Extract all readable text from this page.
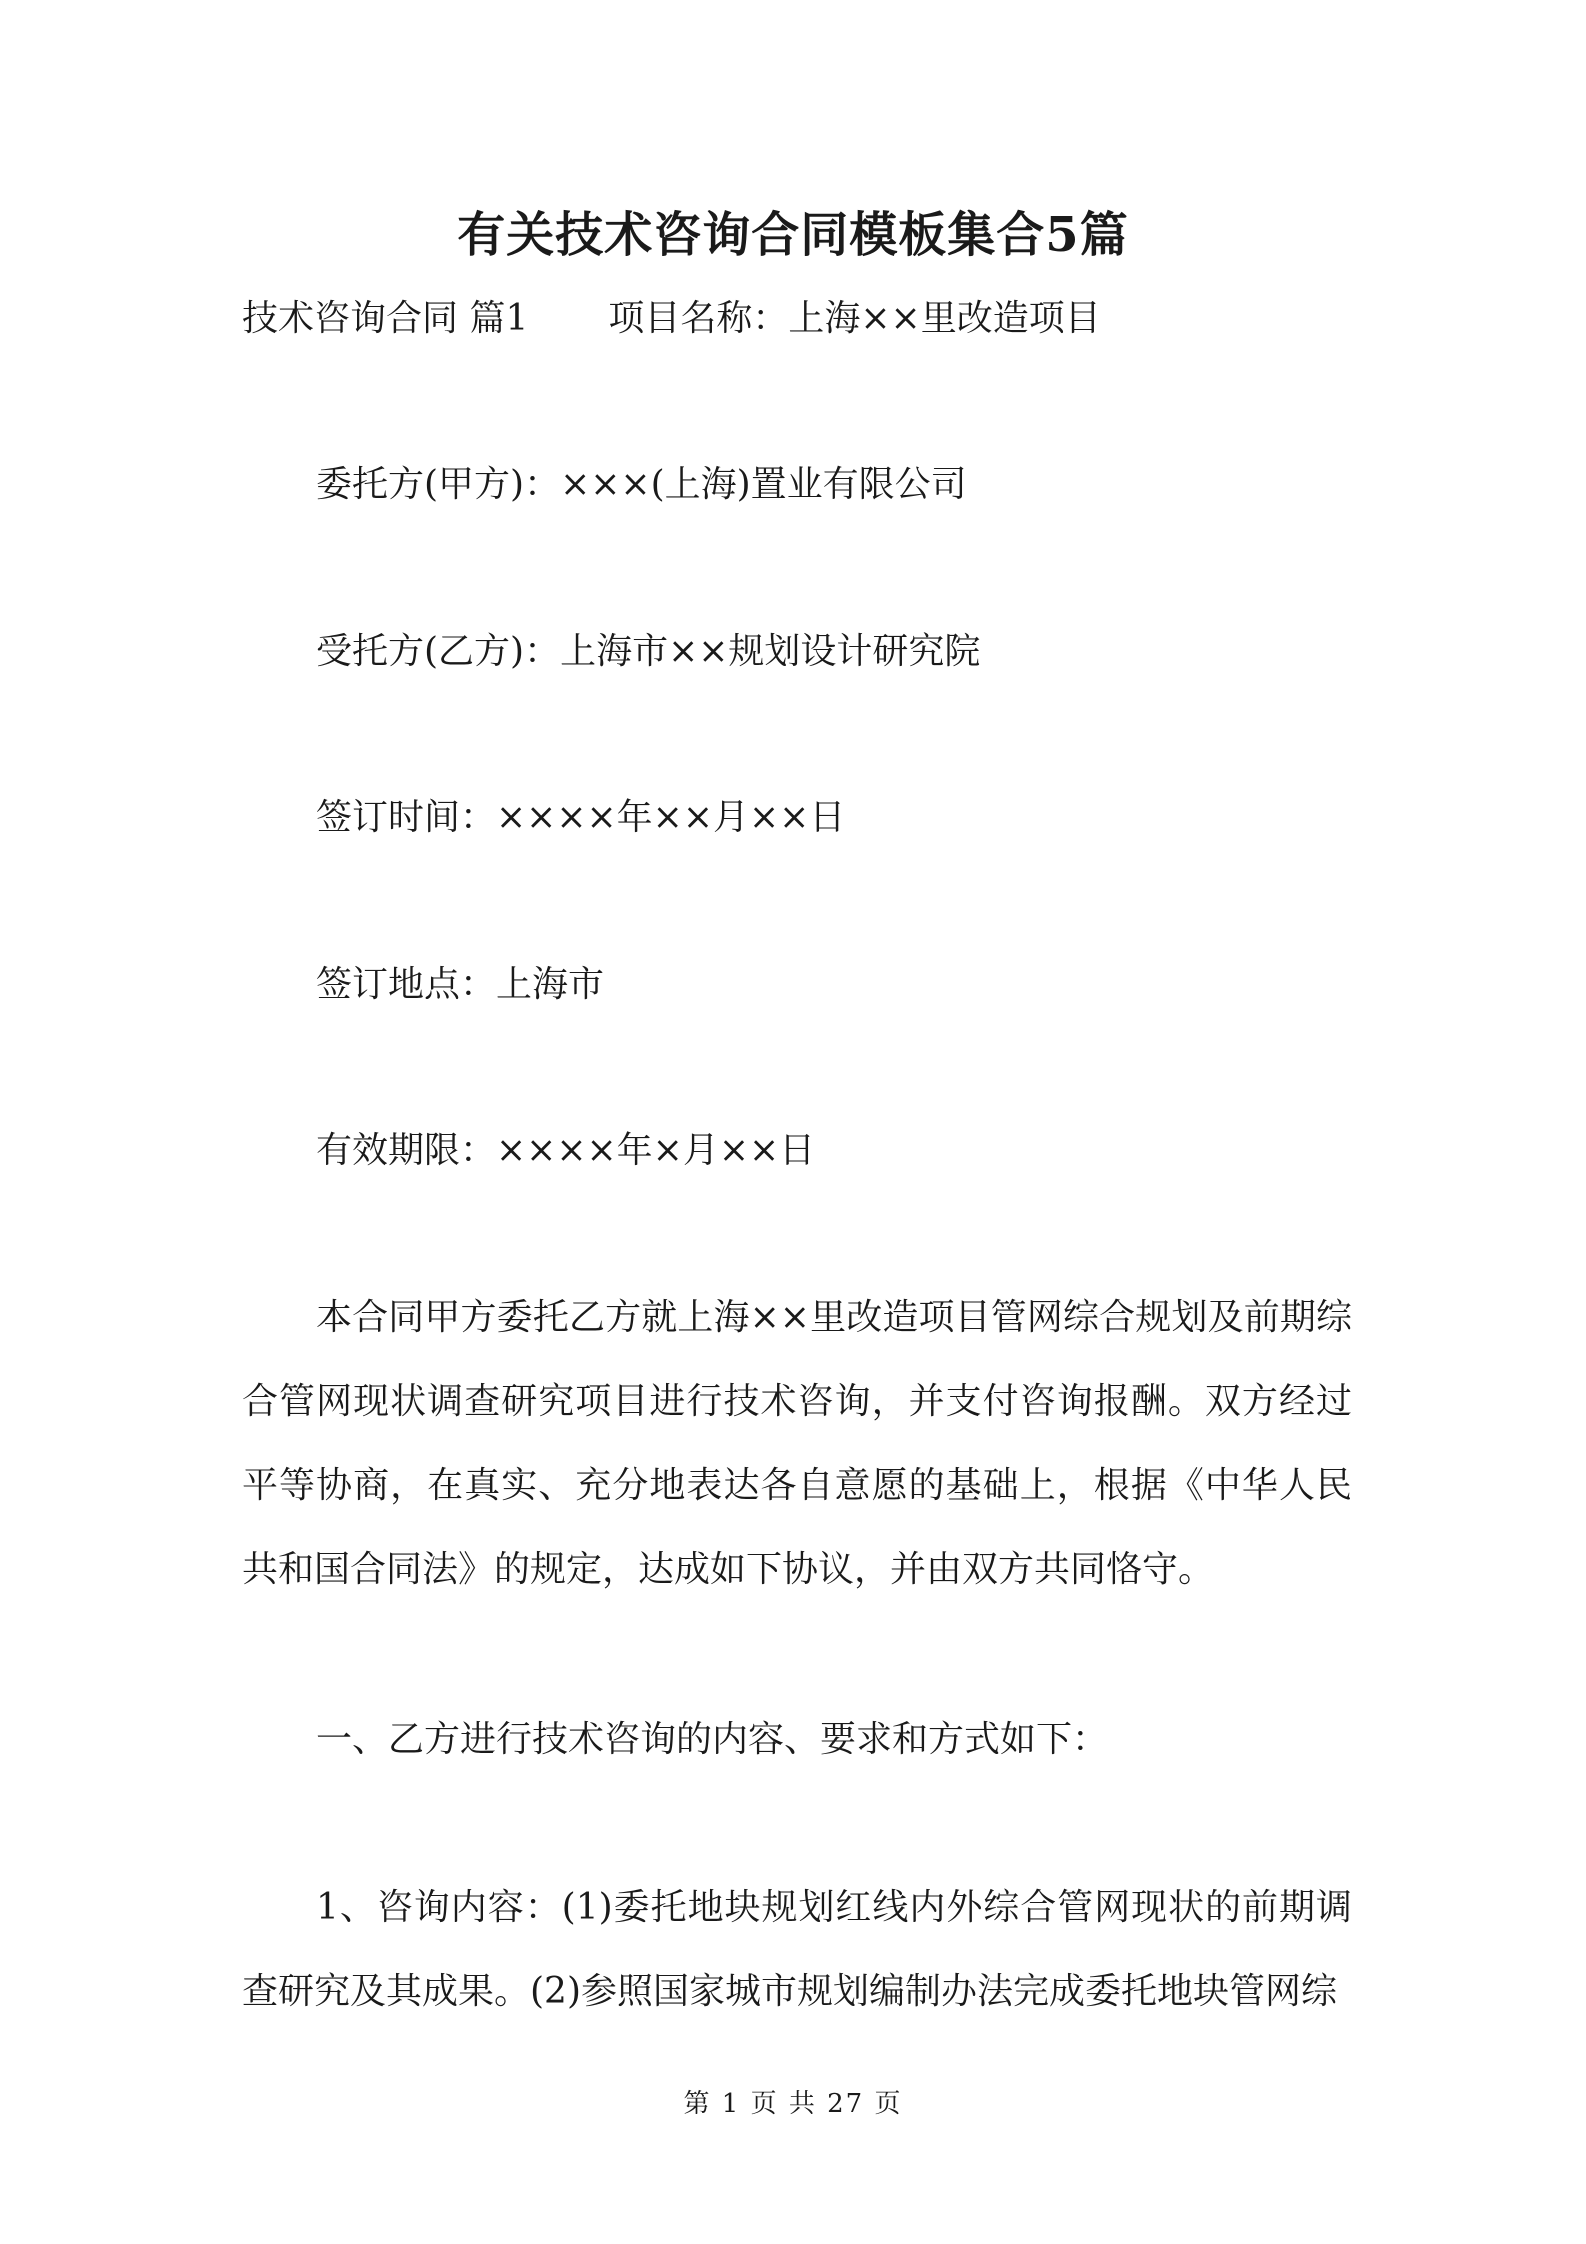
有关技术咨询合同模板集合5篇

技术咨询合同 篇1 项目名称：上海××里改造项目

委托方(甲方)：×××(上海)置业有限公司

受托方(乙方)：上海市××规划设计研究院

签订时间：××××年××月××日

签订地点：上海市

有效期限：××××年×月××日

本合同甲方委托乙方就上海××里改造项目管网综合规划及前期综合管网现状调查研究项目进行技术咨询，并支付咨询报酬。双方经过平等协商，在真实、充分地表达各自意愿的基础上，根据《中华人民共和国合同法》的规定，达成如下协议，并由双方共同恪守。

一、乙方进行技术咨询的内容、要求和方式如下：

1、咨询内容：(1)委托地块规划红线内外综合管网现状的前期调查研究及其成果。(2)参照国家城市规划编制办法完成委托地块管网综

第 1 页 共 27 页
